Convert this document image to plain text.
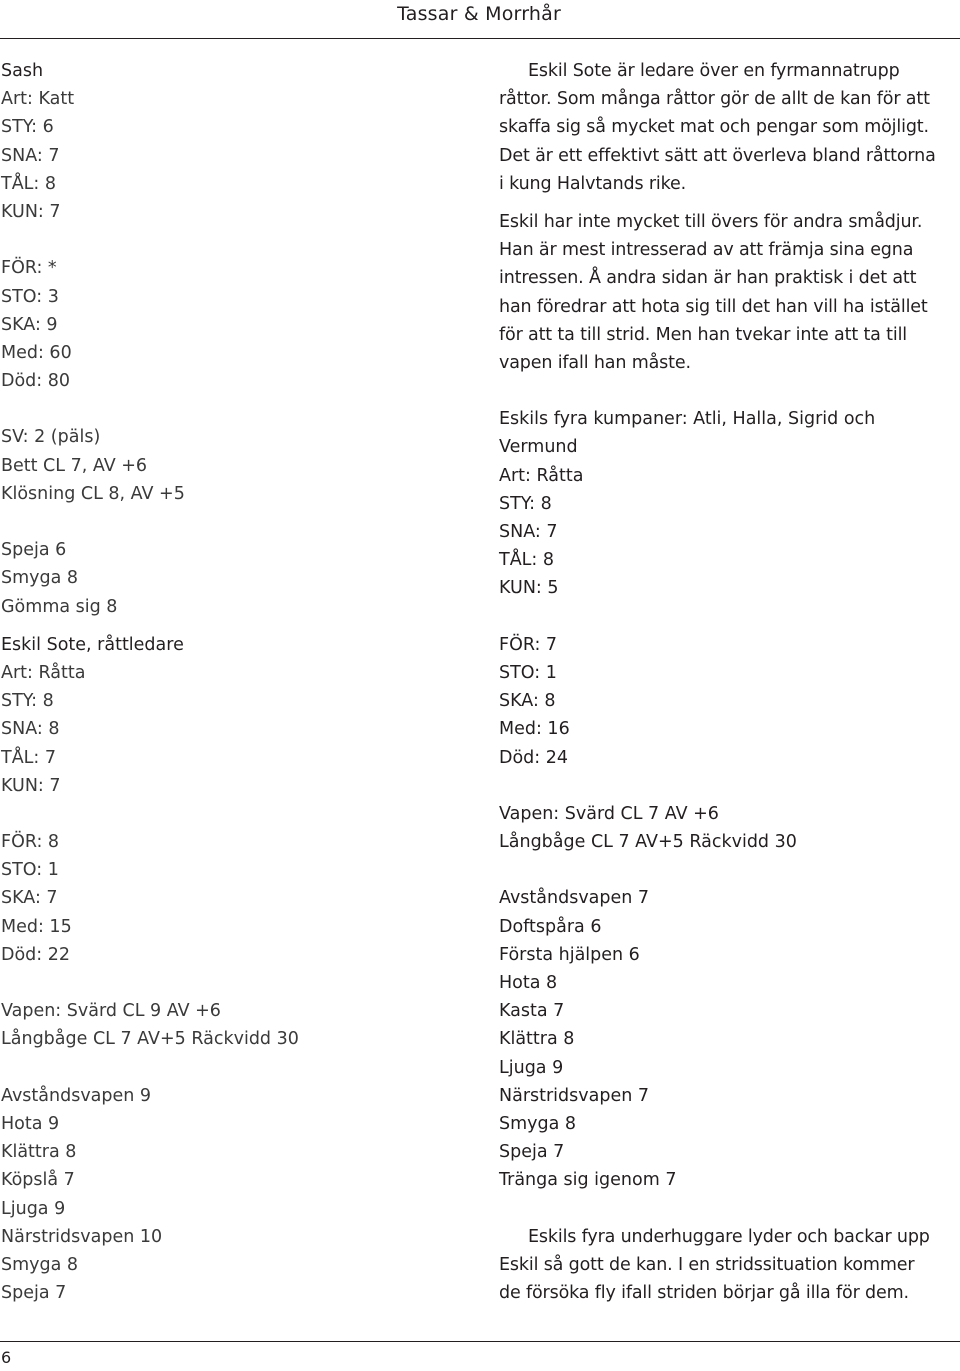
Tassar & Morrhår
Sash
Art: Katt
STY: 6
SNA: 7
TÅL: 8
KUN: 7
FÖR: *
STO: 3
SKA: 9
Med: 60
Död: 80
SV: 2 (päls)
Bett CL 7, AV +6
Klösning CL 8, AV +5
Speja 6
Smyga 8
Gömma sig 8
Eskil Sote, råttledare
Art: Råtta
STY: 8
SNA: 8
TÅL: 7
KUN: 7
FÖR: 8
STO: 1
SKA: 7
Med: 15
Död: 22
Vapen: Svärd CL 9 AV +6
Långbåge CL 7 AV+5 Räckvidd 30
Avståndsvapen 9
Hota 9
Klättra 8
Köpslå 7
Ljuga 9
Närstridsvapen 10
Smyga 8
Speja 7
Eskil Sote är ledare över en fyrmannatrupp
råttor. Som många råttor gör de allt de kan för att
skaffa sig så mycket mat och pengar som möjligt.
Det är ett effektivt sätt att överleva bland råttorna
i kung Halvtands rike.
Eskil har inte mycket till övers för andra smådjur.
Han är mest intresserad av att främja sina egna
intressen. Å andra sidan är han praktisk i det att
han föredrar att hota sig till det han vill ha istället
för att ta till strid. Men han tvekar inte att ta till
vapen ifall han måste.
Eskils fyra kumpaner: Atli, Halla, Sigrid och
Vermund
Art: Råtta
STY: 8
SNA: 7
TÅL: 8
KUN: 5
FÖR: 7
STO: 1
SKA: 8
Med: 16
Död: 24
Vapen: Svärd CL 7 AV +6
Långbåge CL 7 AV+5 Räckvidd 30
Avståndsvapen 7
Doftspåra 6
Första hjälpen 6
Hota 8
Kasta 7
Klättra 8
Ljuga 9
Närstridsvapen 7
Smyga 8
Speja 7
Tränga sig igenom 7
Eskils fyra underhuggare lyder och backar upp
Eskil så gott de kan. I en stridssituation kommer
de försöka fly ifall striden börjar gå illa för dem.
6
